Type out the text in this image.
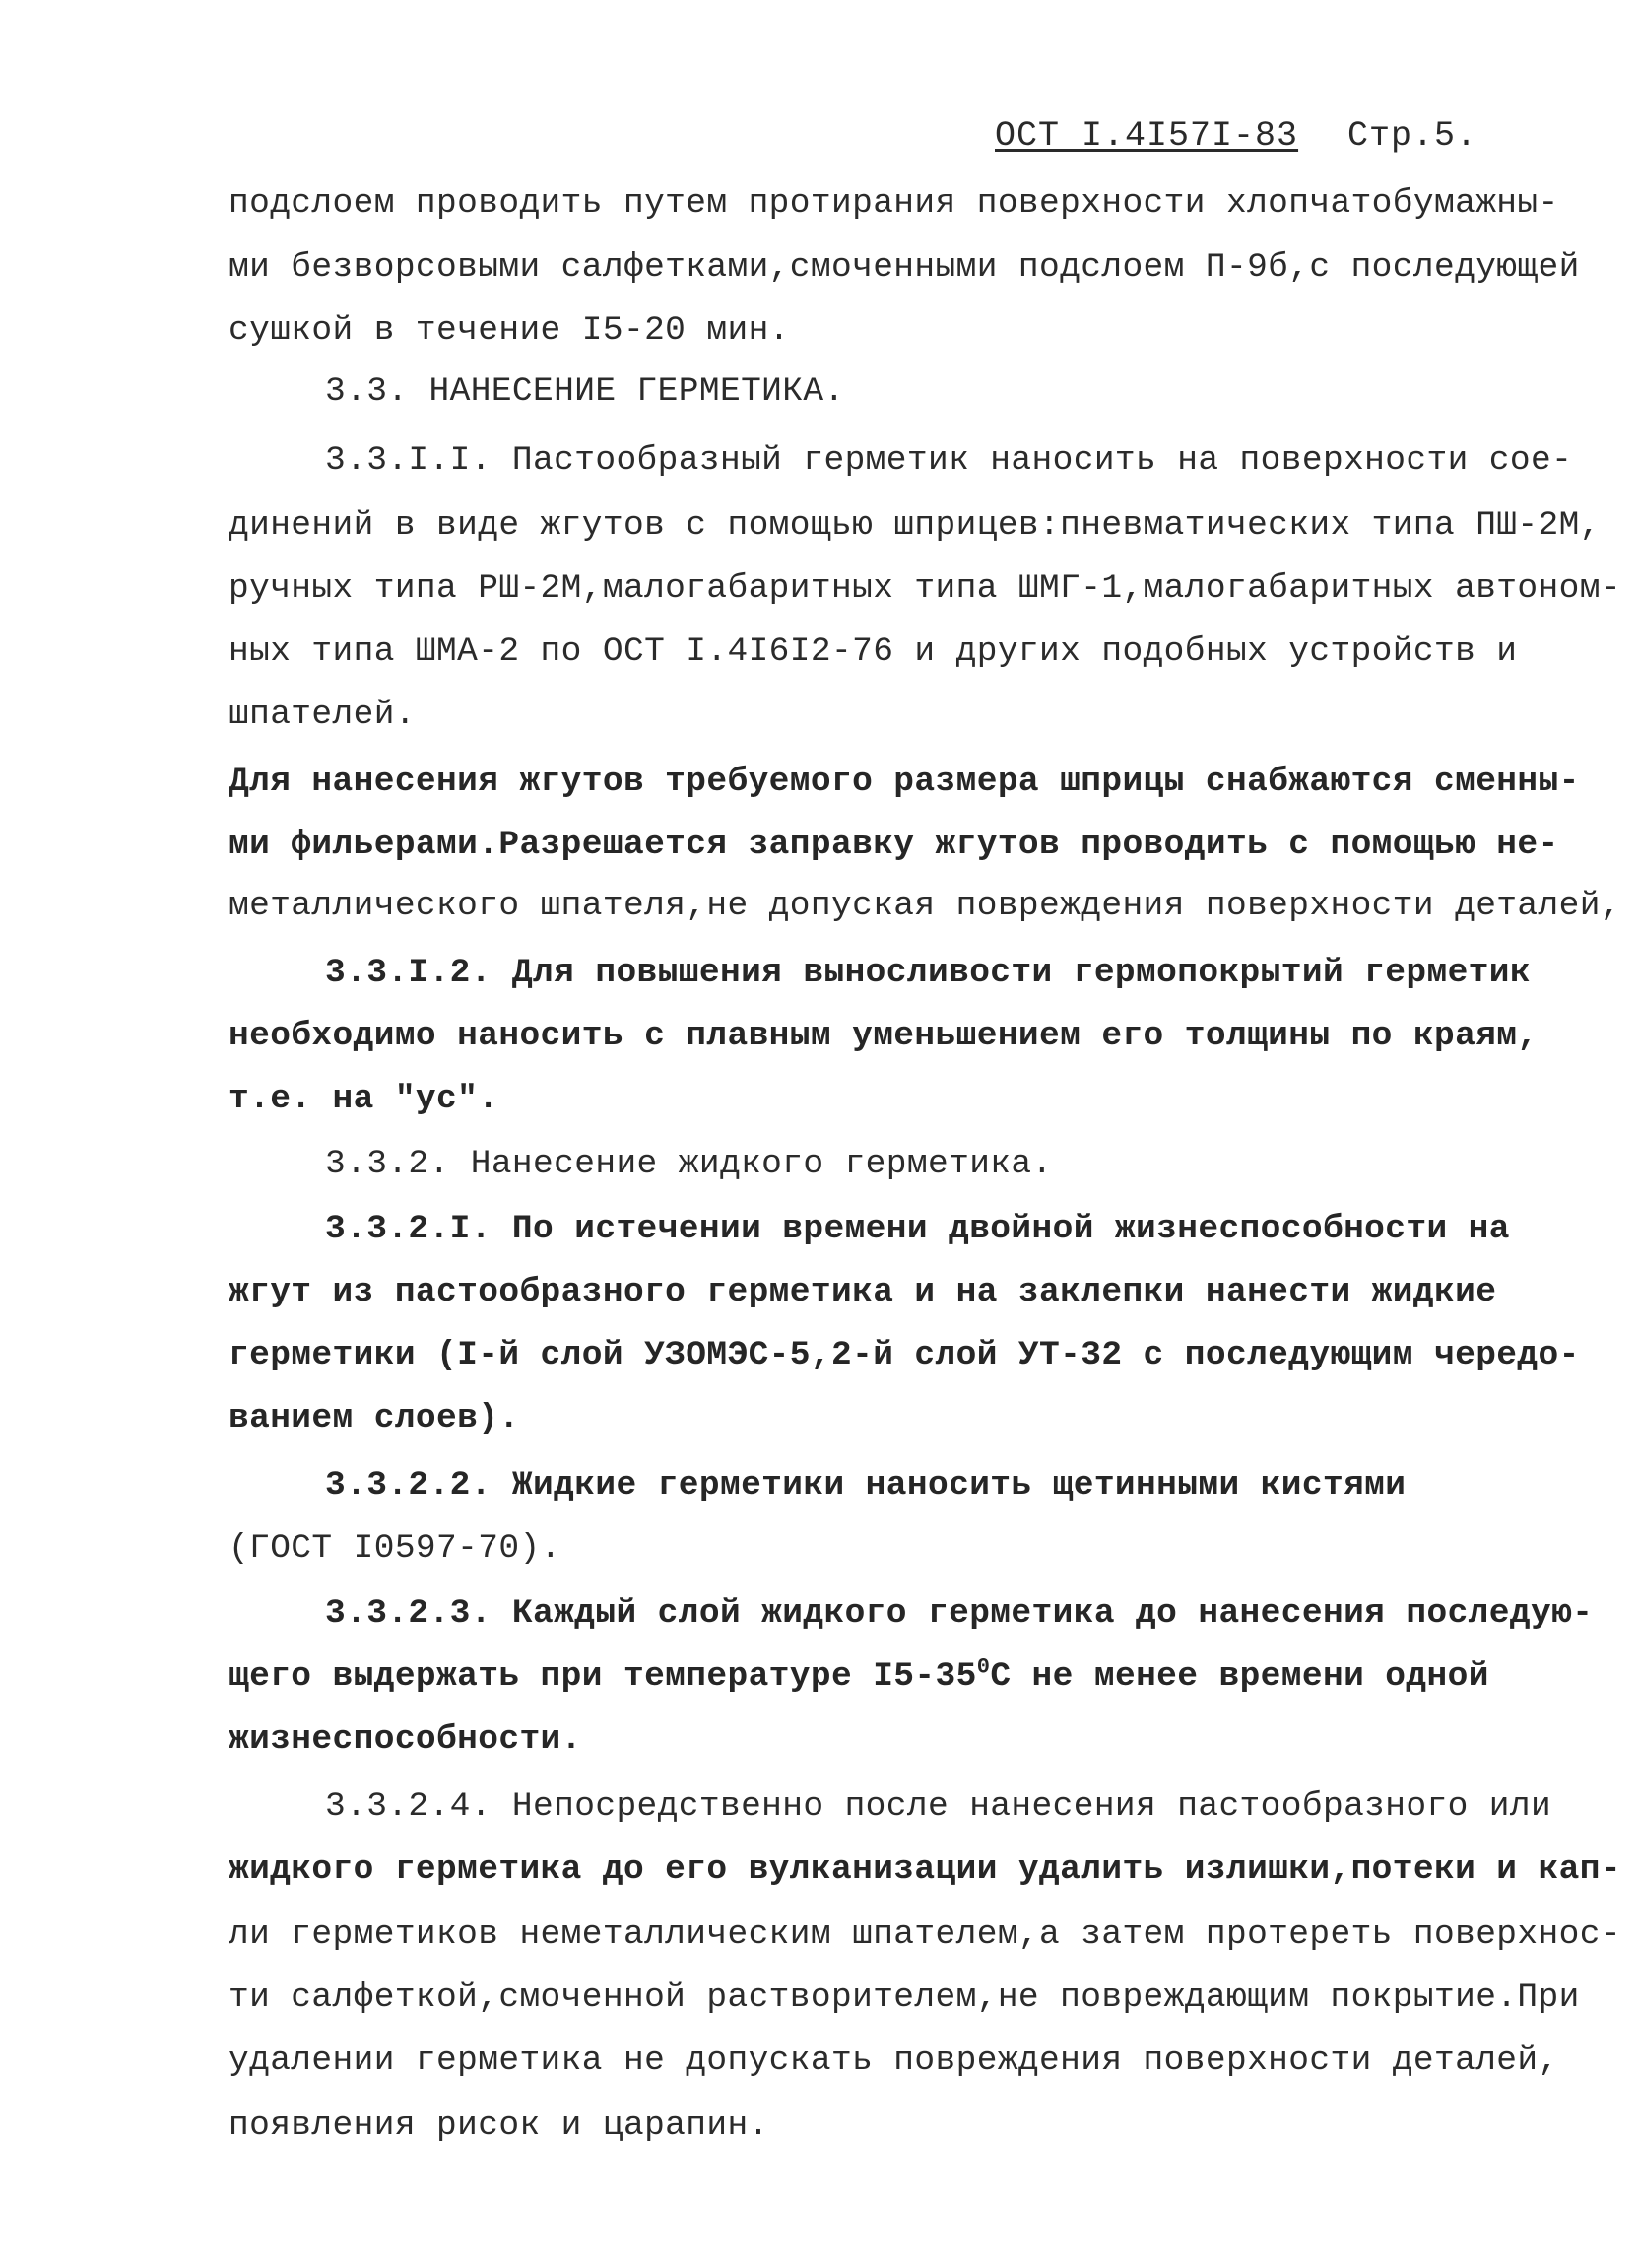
ОСТ I.4I57I-83 Стр.5.
подслоем проводить путем протирания поверхности хлопчатобумажны-
ми безворсовыми салфетками,смоченными подслоем П-9б,с последующей
сушкой в течение I5-20 мин.
3.3. НАНЕСЕНИЕ ГЕРМЕТИКА.
3.3.I.I. Пастообразный герметик наносить на поверхности сое-
динений в виде жгутов с помощью шприцев:пневматических типа ПШ-2М,
ручных типа РШ-2М,малогабаритных типа ШМГ-1,малогабаритных автоном-
ных типа ШМА-2 по ОСТ I.4I6I2-76 и других подобных устройств и
шпателей.
Для нанесения жгутов требуемого размера шприцы снабжаются сменны-
ми фильерами.Разрешается заправку жгутов проводить с помощью не-
металлического шпателя,не допуская повреждения поверхности деталей,
3.3.I.2. Для повышения выносливости гермопокрытий герметик
необходимо наносить с плавным уменьшением его толщины по краям,
т.е. на "ус".
3.3.2. Нанесение жидкого герметика.
3.3.2.I. По истечении времени двойной жизнеспособности на
жгут из пастообразного герметика и на заклепки нанести жидкие
герметики (I-й слой УЗОМЭС-5,2-й слой УТ-32 с последующим чередо-
ванием слоев).
3.3.2.2. Жидкие герметики наносить щетинными кистями
(ГОСТ I0597-70).
3.3.2.3. Каждый слой жидкого герметика до нанесения последую-
щего выдержать при температуре $I5-35^0С$ не менее времени одной
жизнеспособности.
3.3.2.4. Непосредственно после нанесения пастообразного или
жидкого герметика до его вулканизации удалить излишки,потеки и кап-
ли герметиков неметаллическим шпателем,а затем протереть поверхнос-
ти салфеткой,смоченной растворителем,не повреждающим покрытие.При
удалении герметика не допускать повреждения поверхности деталей,
появления рисок и царапин.
